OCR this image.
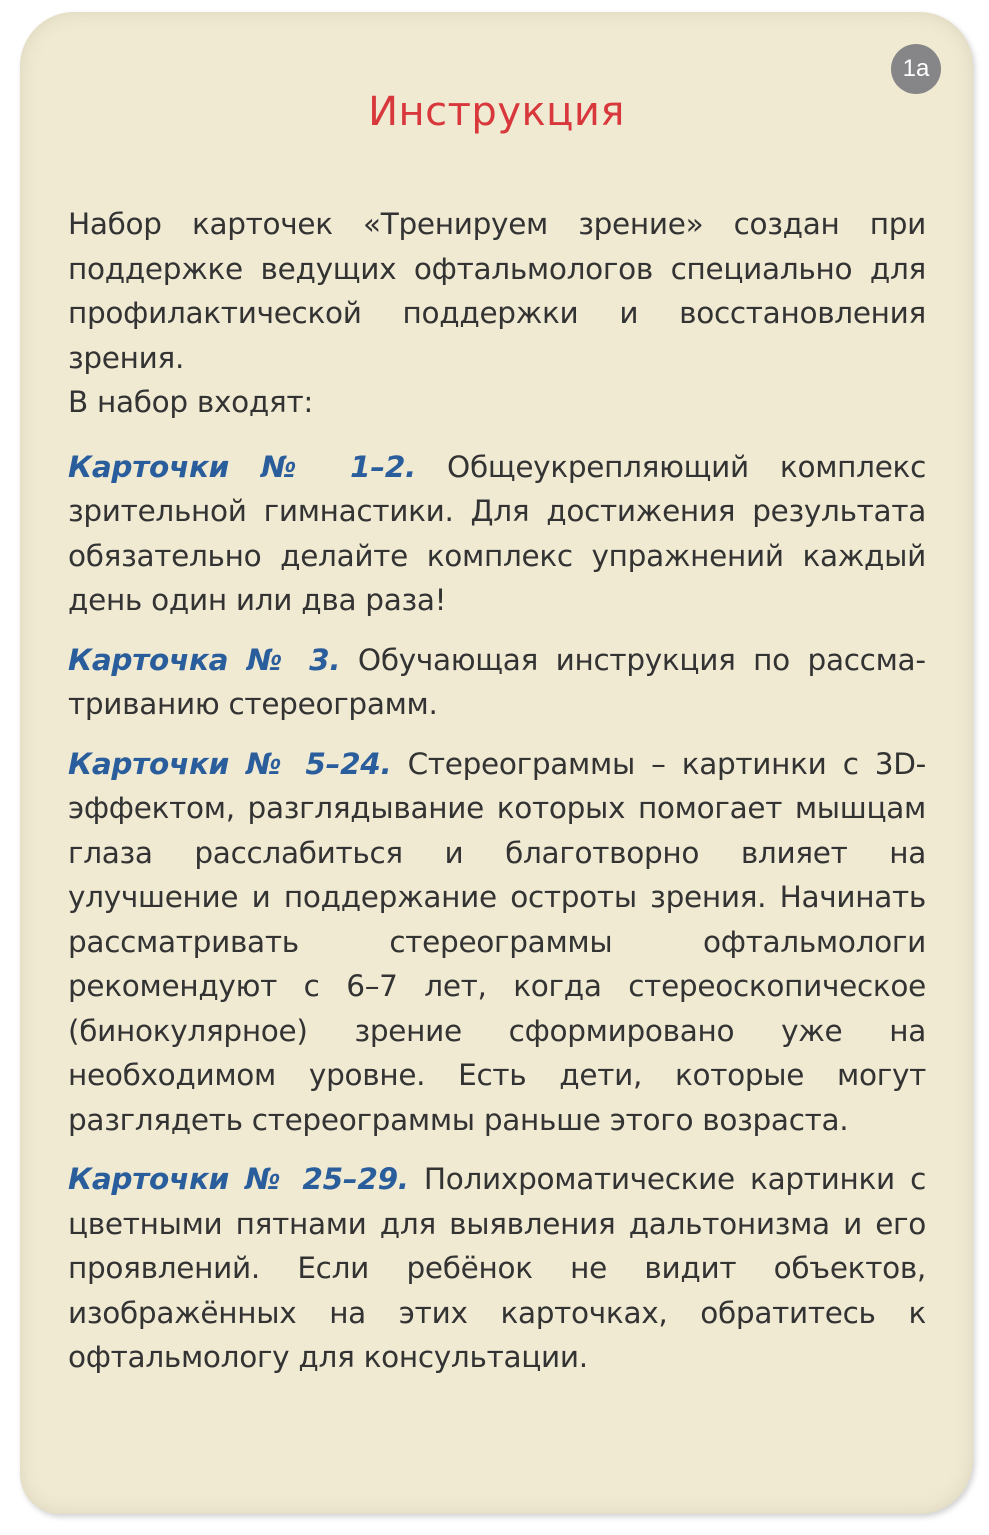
1а
Инструкция

Набор карточек «Тренируем зрение» создан при поддержке ведущих офтальмологов специально для профилактической поддержки и восстановления зрения.

В набор входят:

Карточки № 1–2. Общеукрепляющий комплекс зрительной гимнастики. Для достижения результата обязательно делайте комплекс упражнений каждый день один или два раза!

Карточка № 3. Обучающая инструкция по рассматриванию стереограмм.

Карточки № 5–24. Стереограммы – картинки с 3D-эффектом, разглядывание которых помогает мышцам глаза расслабиться и благотворно влияет на улучшение и поддержание остроты зрения. Начинать рассматривать стереограммы офтальмологи рекомендуют с 6–7 лет, когда стереоскопическое (бинокулярное) зрение сформировано уже на необходимом уровне. Есть дети, которые могут разглядеть стереограммы раньше этого возраста.

Карточки № 25–29. Полихроматические картинки с цветными пятнами для выявления дальтонизма и его проявлений. Если ребёнок не видит объектов, изображённых на этих карточках, обратитесь к офтальмологу для консультации.
